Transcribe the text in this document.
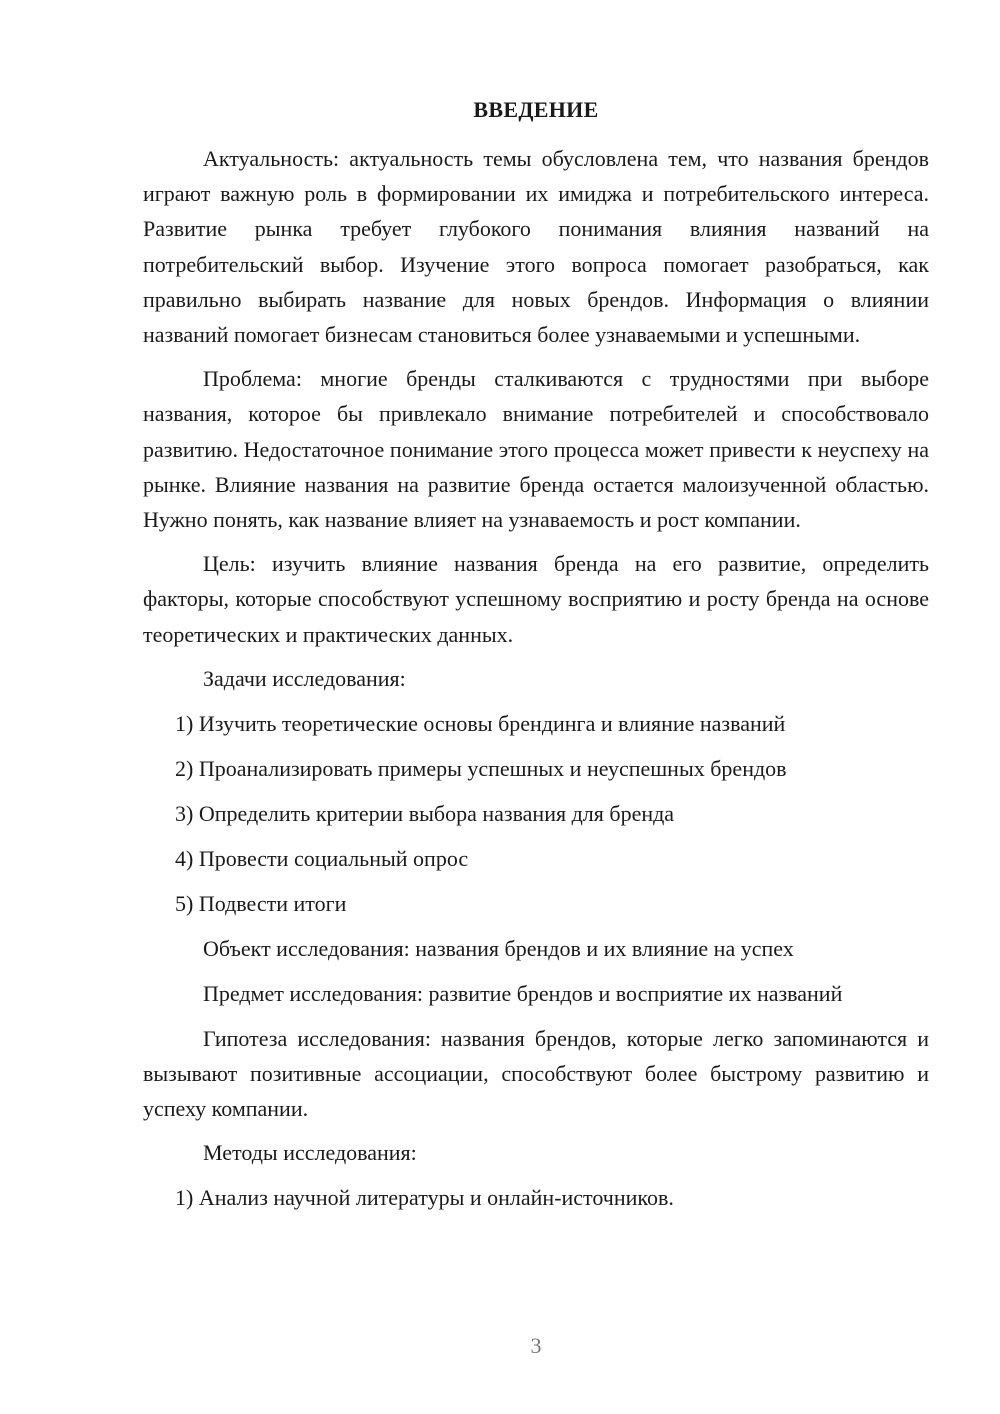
ВВЕДЕНИЕ

Актуальность: актуальность темы обусловлена тем, что названия брендов играют важную роль в формировании их имиджа и потребительского интереса. Развитие рынка требует глубокого понимания влияния названий на потребительский выбор. Изучение этого вопроса помогает разобраться, как правильно выбирать название для новых брендов. Информация о влиянии названий помогает бизнесам становиться более узнаваемыми и успешными.

Проблема: многие бренды сталкиваются с трудностями при выборе названия, которое бы привлекало внимание потребителей и способствовало развитию. Недостаточное понимание этого процесса может привести к неуспеху на рынке. Влияние названия на развитие бренда остается малоизученной областью. Нужно понять, как название влияет на узнаваемость и рост компании.

Цель: изучить влияние названия бренда на его развитие, определить факторы, которые способствуют успешному восприятию и росту бренда на основе теоретических и практических данных.

Задачи исследования:
1) Изучить теоретические основы брендинга и влияние названий
2) Проанализировать примеры успешных и неуспешных брендов
3) Определить критерии выбора названия для бренда
4) Провести социальный опрос
5) Подвести итоги
Объект исследования: названия брендов и их влияние на успех
Предмет исследования: развитие брендов и восприятие их названий

Гипотеза исследования: названия брендов, которые легко запоминаются и вызывают позитивные ассоциации, способствуют более быстрому развитию и успеху компании.

Методы исследования:
1) Анализ научной литературы и онлайн-источников.
3
